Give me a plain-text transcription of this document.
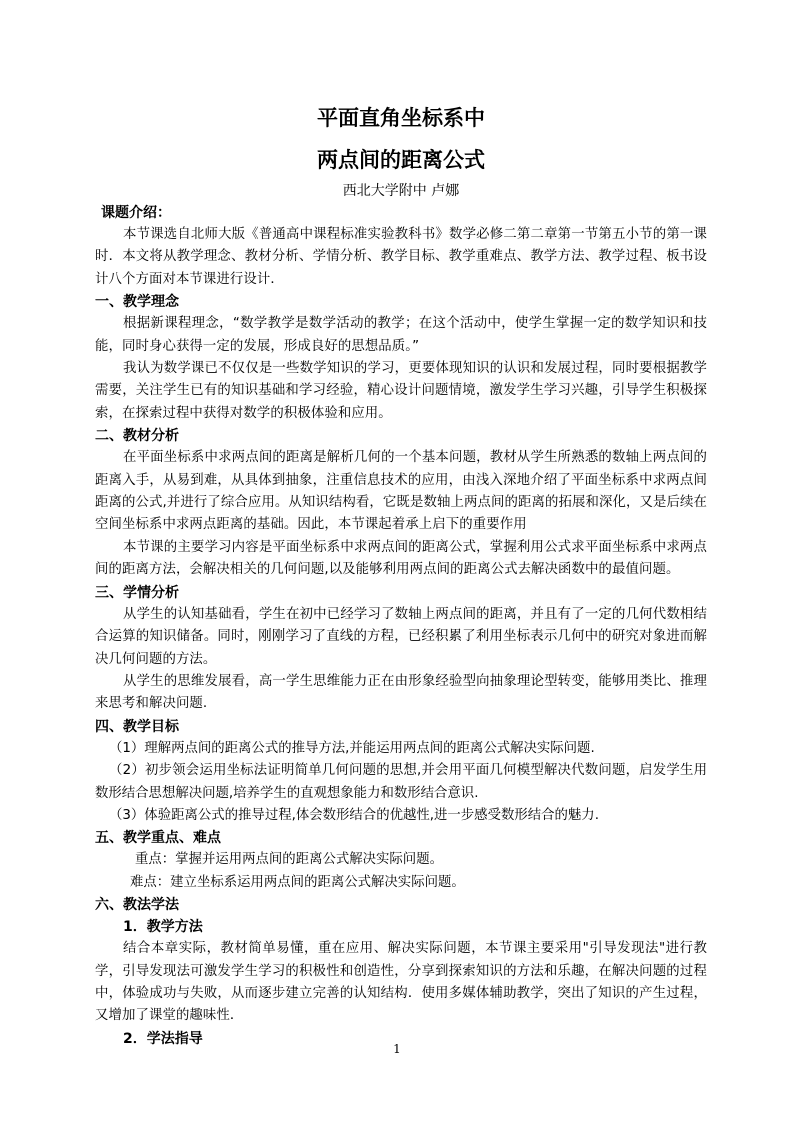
平面直角坐标系中
两点间的距离公式
西北大学附中 卢娜
课题介绍：

本节课选自北师大版《普通高中课程标准实验教科书》数学必修二第二章第一节第五小节的第一课时．本文将从教学理念、教材分析、学情分析、教学目标、教学重难点、教学方法、教学过程、板书设计八个方面对本节课进行设计．

一、教学理念

根据新课程理念，“数学教学是数学活动的教学；在这个活动中，使学生掌握一定的数学知识和技能，同时身心获得一定的发展，形成良好的思想品质。”

我认为数学课已不仅仅是一些数学知识的学习，更要体现知识的认识和发展过程，同时要根据教学需要，关注学生已有的知识基础和学习经验，精心设计问题情境，激发学生学习兴趣，引导学生积极探索，在探索过程中获得对数学的积极体验和应用。

二、教材分析

在平面坐标系中求两点间的距离是解析几何的一个基本问题，教材从学生所熟悉的数轴上两点间的距离入手，从易到难，从具体到抽象，注重信息技术的应用，由浅入深地介绍了平面坐标系中求两点间距离的公式,并进行了综合应用。从知识结构看，它既是数轴上两点间的距离的拓展和深化，又是后续在空间坐标系中求两点距离的基础。因此，本节课起着承上启下的重要作用

本节课的主要学习内容是平面坐标系中求两点间的距离公式，掌握利用公式求平面坐标系中求两点间的距离方法，会解决相关的几何问题,以及能够利用两点间的距离公式去解决函数中的最值问题。

三、学情分析

从学生的认知基础看，学生在初中已经学习了数轴上两点间的距离，并且有了一定的几何代数相结合运算的知识储备。同时，刚刚学习了直线的方程，已经积累了利用坐标表示几何中的研究对象进而解决几何问题的方法。

从学生的思维发展看，高一学生思维能力正在由形象经验型向抽象理论型转变，能够用类比、推理来思考和解决问题.

四、教学目标

（1）理解两点间的距离公式的推导方法,并能运用两点间的距离公式解决实际问题.

（2）初步领会运用坐标法证明简单几何问题的思想,并会用平面几何模型解决代数问题，启发学生用数形结合思想解决问题,培养学生的直观想象能力和数形结合意识.

（3）体验距离公式的推导过程,体会数形结合的优越性,进一步感受数形结合的魅力.

五、教学重点、难点
重点：掌握并运用两点间的距离公式解决实际问题。
难点：建立坐标系运用两点间的距离公式解决实际问题。
六、教法学法
1．教学方法

结合本章实际，教材简单易懂，重在应用、解决实际问题，本节课主要采用"引导发现法"进行教学，引导发现法可激发学生学习的积极性和创造性，分享到探索知识的方法和乐趣，在解决问题的过程中，体验成功与失败，从而逐步建立完善的认知结构．使用多媒体辅助教学，突出了知识的产生过程，又增加了课堂的趣味性．

2．学法指导
1
